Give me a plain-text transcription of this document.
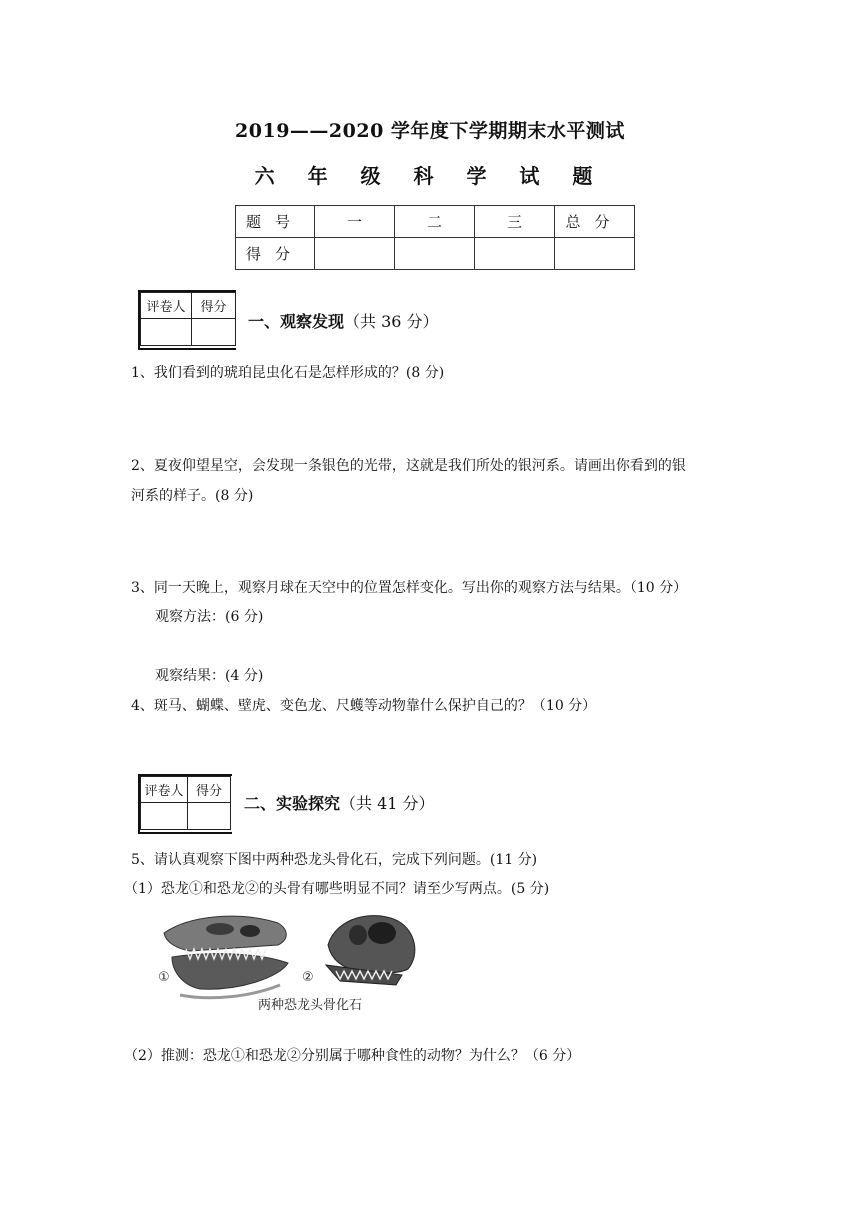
2019——2020 学年度下学期期末水平测试
六 年 级 科 学 试 题
题号	一	二	三	总分
得分				
评卷人	得分

一、观察发现（共 36 分）
1、我们看到的琥珀昆虫化石是怎样形成的？(8 分)
2、夏夜仰望星空，会发现一条银色的光带，这就是我们所处的银河系。请画出你看到的银
河系的样子。(8 分)
3、同一天晚上，观察月球在天空中的位置怎样变化。写出你的观察方法与结果。（10 分）
观察方法：(6 分)
观察结果：(4 分)
4、斑马、蝴蝶、壁虎、变色龙、尺蠖等动物靠什么保护自己的？（10 分）
评卷人	得分

二、实验探究（共 41 分）
5、请认真观察下图中两种恐龙头骨化石，完成下列问题。(11 分)
（1）恐龙①和恐龙②的头骨有哪些明显不同？请至少写两点。(5 分)
①	②
两种恐龙头骨化石
（2）推测：恐龙①和恐龙②分别属于哪种食性的动物？为什么？（6 分）
